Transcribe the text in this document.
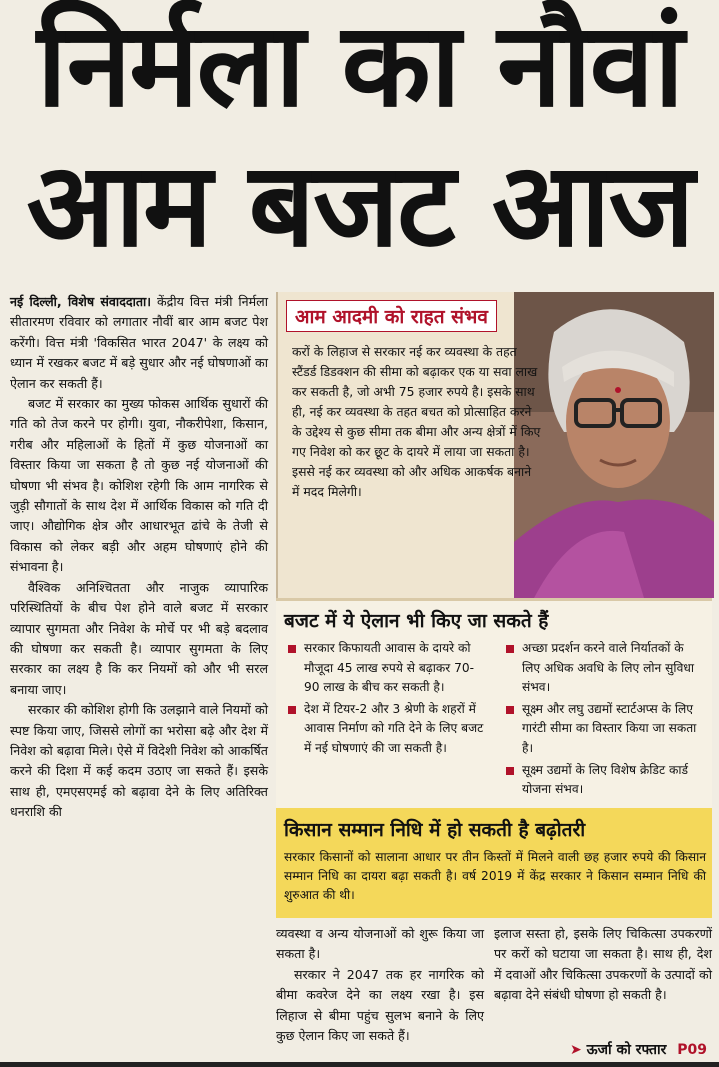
निर्मला का नौवां
आम बजट आज

नई दिल्ली, विशेष संवाददाता। केंद्रीय वित्त मंत्री निर्मला सीतारमण रविवार को लगातार नौवीं बार आम बजट पेश करेंगी। वित्त मंत्री 'विकसित भारत 2047' के लक्ष्य को ध्यान में रखकर बजट में बड़े सुधार और नई घोषणाओं का ऐलान कर सकती हैं।

बजट में सरकार का मुख्य फोकस आर्थिक सुधारों की गति को तेज करने पर होगी। युवा, नौकरीपेशा, किसान, गरीब और महिलाओं के हितों में कुछ योजनाओं का विस्तार किया जा सकता है तो कुछ नई योजनाओं की घोषणा भी संभव है। कोशिश रहेगी कि आम नागरिक से जुड़ी सौगातों के साथ देश में आर्थिक विकास को गति दी जाए। औद्योगिक क्षेत्र और आधारभूत ढांचे के तेजी से विकास को लेकर बड़ी और अहम घोषणाएं होने की संभावना है।

वैश्विक अनिश्चितता और नाजुक व्यापारिक परिस्थितियों के बीच पेश होने वाले बजट में सरकार व्यापार सुगमता और निवेश के मोर्चे पर भी बड़े बदलाव की घोषणा कर सकती है। व्यापार सुगमता के लिए सरकार का लक्ष्य है कि कर नियमों को और भी सरल बनाया जाए।

सरकार की कोशिश होगी कि उलझाने वाले नियमों को स्पष्ट किया जाए, जिससे लोगों का भरोसा बढ़े और देश में निवेश को बढ़ावा मिले। ऐसे में विदेशी निवेश को आकर्षित करने की दिशा में कई कदम उठाए जा सकते हैं। इसके साथ ही, एमएसएमई को बढ़ावा देने के लिए अतिरिक्त धनराशि की

आम आदमी को राहत संभव
करों के लिहाज से सरकार नई कर व्यवस्था के तहत स्टैंडर्ड डिडक्शन की सीमा को बढ़ाकर एक या सवा लाख कर सकती है, जो अभी 75 हजार रुपये है। इसके साथ ही, नई कर व्यवस्था के तहत बचत को प्रोत्साहित करने के उद्देश्य से कुछ सीमा तक बीमा और अन्य क्षेत्रों में किए गए निवेश को कर छूट के दायरे में लाया जा सकता है। इससे नई कर व्यवस्था को और अधिक आकर्षक बनाने में मदद मिलेगी।
बजट में ये ऐलान भी किए जा सकते हैं
सरकार किफायती आवास के दायरे को मौजूदा 45 लाख रुपये से बढ़ाकर 70-90 लाख के बीच कर सकती है।
देश में टियर-2 और 3 श्रेणी के शहरों में आवास निर्माण को गति देने के लिए बजट में नई घोषणाएं की जा सकती है।
अच्छा प्रदर्शन करने वाले निर्यातकों के लिए अधिक अवधि के लिए लोन सुविधा संभव।
सूक्ष्म और लघु उद्यमों स्टार्टअप्स के लिए गारंटी सीमा का विस्तार किया जा सकता है।
सूक्ष्म उद्यमों के लिए विशेष क्रेडिट कार्ड योजना संभव।
किसान सम्मान निधि में हो सकती है बढ़ोतरी
सरकार किसानों को सालाना आधार पर तीन किस्तों में मिलने वाली छह हजार रुपये की किसान सम्मान निधि का दायरा बढ़ा सकती है। वर्ष 2019 में केंद्र सरकार ने किसान सम्मान निधि की शुरुआत की थी।

व्यवस्था व अन्य योजनाओं को शुरू किया जा सकता है।

सरकार ने 2047 तक हर नागरिक को बीमा कवरेज देने का लक्ष्य रखा है। इस लिहाज से बीमा पहुंच सुलभ बनाने के लिए कुछ ऐलान किए जा सकते हैं।

इलाज सस्ता हो, इसके लिए चिकित्सा उपकरणों पर करों को घटाया जा सकता है। साथ ही, देश में दवाओं और चिकित्सा उपकरणों के उत्पादों को बढ़ावा देने संबंधी घोषणा हो सकती है।

➤ ऊर्जा को रफ्तार P09
